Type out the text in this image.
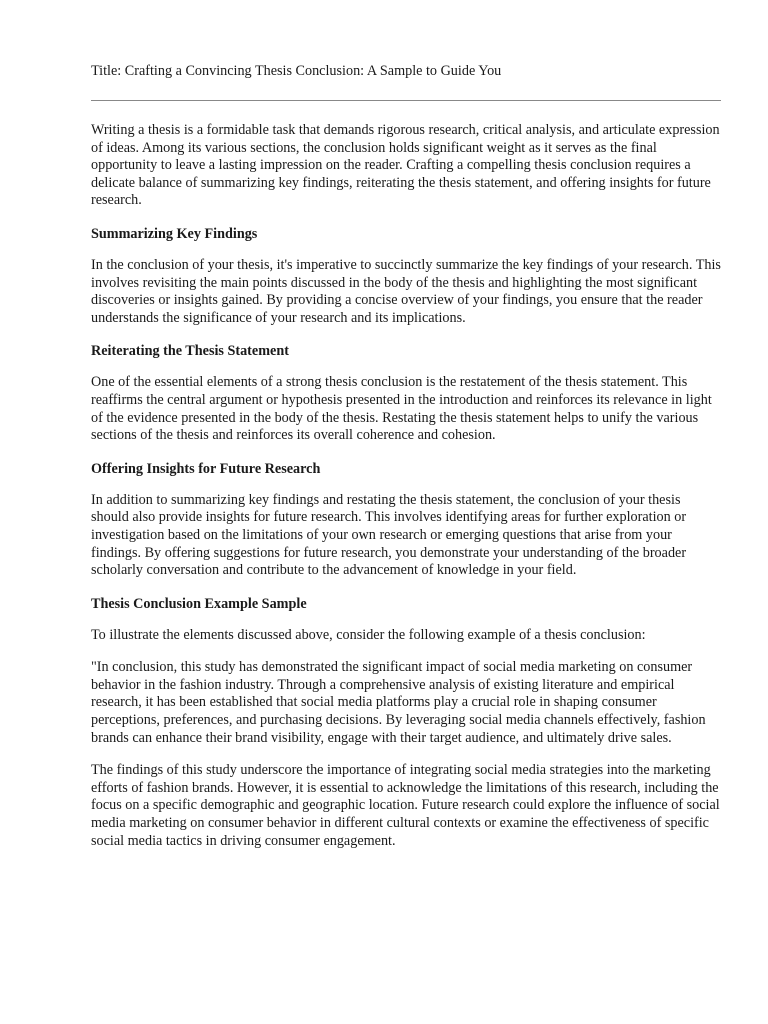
Title: Crafting a Convincing Thesis Conclusion: A Sample to Guide You

Writing a thesis is a formidable task that demands rigorous research, critical analysis, and articulate expression of ideas. Among its various sections, the conclusion holds significant weight as it serves as the final opportunity to leave a lasting impression on the reader. Crafting a compelling thesis conclusion requires a delicate balance of summarizing key findings, reiterating the thesis statement, and offering insights for future research.

Summarizing Key Findings

In the conclusion of your thesis, it's imperative to succinctly summarize the key findings of your research. This involves revisiting the main points discussed in the body of the thesis and highlighting the most significant discoveries or insights gained. By providing a concise overview of your findings, you ensure that the reader understands the significance of your research and its implications.

Reiterating the Thesis Statement

One of the essential elements of a strong thesis conclusion is the restatement of the thesis statement. This reaffirms the central argument or hypothesis presented in the introduction and reinforces its relevance in light of the evidence presented in the body of the thesis. Restating the thesis statement helps to unify the various sections of the thesis and reinforces its overall coherence and cohesion.

Offering Insights for Future Research

In addition to summarizing key findings and restating the thesis statement, the conclusion of your thesis should also provide insights for future research. This involves identifying areas for further exploration or investigation based on the limitations of your own research or emerging questions that arise from your findings. By offering suggestions for future research, you demonstrate your understanding of the broader scholarly conversation and contribute to the advancement of knowledge in your field.

Thesis Conclusion Example Sample

To illustrate the elements discussed above, consider the following example of a thesis conclusion:

"In conclusion, this study has demonstrated the significant impact of social media marketing on consumer behavior in the fashion industry. Through a comprehensive analysis of existing literature and empirical research, it has been established that social media platforms play a crucial role in shaping consumer perceptions, preferences, and purchasing decisions. By leveraging social media channels effectively, fashion brands can enhance their brand visibility, engage with their target audience, and ultimately drive sales.

The findings of this study underscore the importance of integrating social media strategies into the marketing efforts of fashion brands. However, it is essential to acknowledge the limitations of this research, including the focus on a specific demographic and geographic location. Future research could explore the influence of social media marketing on consumer behavior in different cultural contexts or examine the effectiveness of specific social media tactics in driving consumer engagement.
